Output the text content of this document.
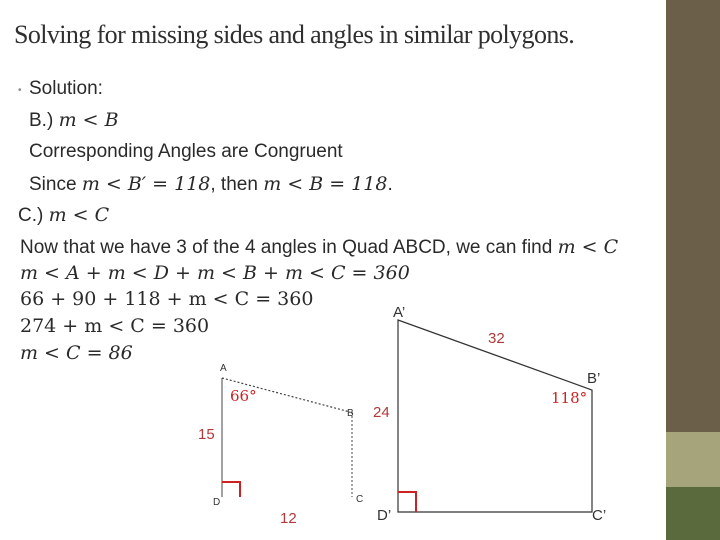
Solving for missing sides and angles in similar polygons.
• Solution:

B.) m < B

Corresponding Angles are Congruent

Since m < B′ = 118, then m < B = 118.

C.) m < C

Now that we have 3 of the 4 angles in Quad ABCD, we can find m < C

m < A + m < D + m < B + m < C = 360

66 + 90 + 118 + m < C = 360

274 + m < C = 360

m < C = 86

A
B
C
D
66°
15
12
A’
B’
C’
D’
32
24
118°
